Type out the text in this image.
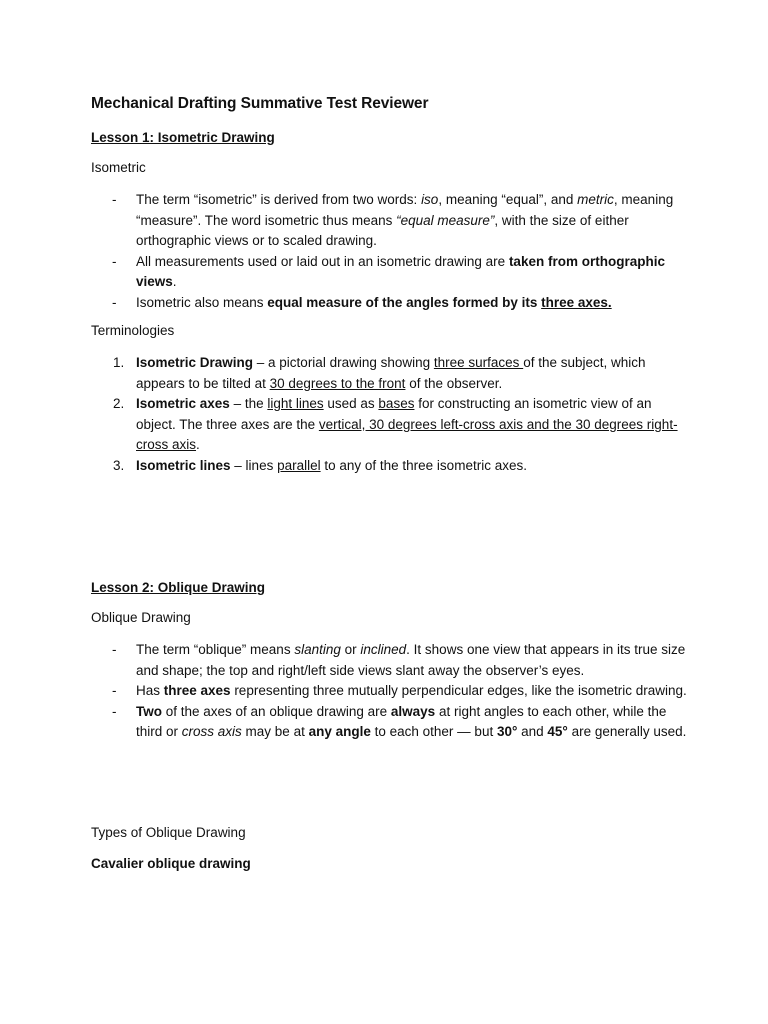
Mechanical Drafting Summative Test Reviewer

Lesson 1: Isometric Drawing

Isometric

- The term “isometric” is derived from two words: iso, meaning “equal”, and metric, meaning “measure”. The word isometric thus means “equal measure”, with the size of either orthographic views or to scaled drawing.
- All measurements used or laid out in an isometric drawing are taken from orthographic views.
- Isometric also means equal measure of the angles formed by its three axes.

Terminologies

1. Isometric Drawing – a pictorial drawing showing three surfaces of the subject, which appears to be tilted at 30 degrees to the front of the observer.
2. Isometric axes – the light lines used as bases for constructing an isometric view of an object. The three axes are the vertical, 30 degrees left-cross axis and the 30 degrees right-cross axis.
3. Isometric lines – lines parallel to any of the three isometric axes.

Lesson 2: Oblique Drawing

Oblique Drawing

- The term “oblique” means slanting or inclined. It shows one view that appears in its true size and shape; the top and right/left side views slant away the observer’s eyes.
- Has three axes representing three mutually perpendicular edges, like the isometric drawing.
- Two of the axes of an oblique drawing are always at right angles to each other, while the third or cross axis may be at any angle to each other — but 30° and 45° are generally used.

Types of Oblique Drawing

Cavalier oblique drawing
